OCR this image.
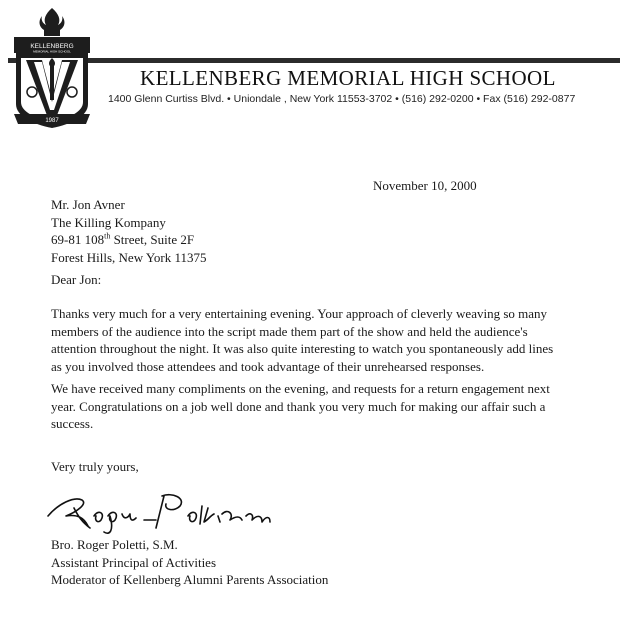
KELLENBERG
MEMORIAL HIGH SCHOOL
1987
KELLENBERG MEMORIAL HIGH SCHOOL
1400 Glenn Curtiss Blvd. • Uniondale , New York 11553-3702 • (516) 292-0200 • Fax (516) 292-0877
November 10, 2000
Mr. Jon Avner
The Killing Kompany
69-81 108th Street, Suite 2F
Forest Hills, New York 11375
Dear Jon:
Thanks very much for a very entertaining evening. Your approach of cleverly weaving so many
members of the audience into the script made them part of the show and held the audience's
attention throughout the night. It was also quite interesting to watch you spontaneously add lines
as you involved those attendees and took advantage of their unrehearsed responses.
We have received many compliments on the evening, and requests for a return engagement next
year. Congratulations on a job well done and thank you very much for making our affair such a
success.
Very truly yours,
Bro. Roger Poletti, S.M.
Assistant Principal of Activities
Moderator of Kellenberg Alumni Parents Association
